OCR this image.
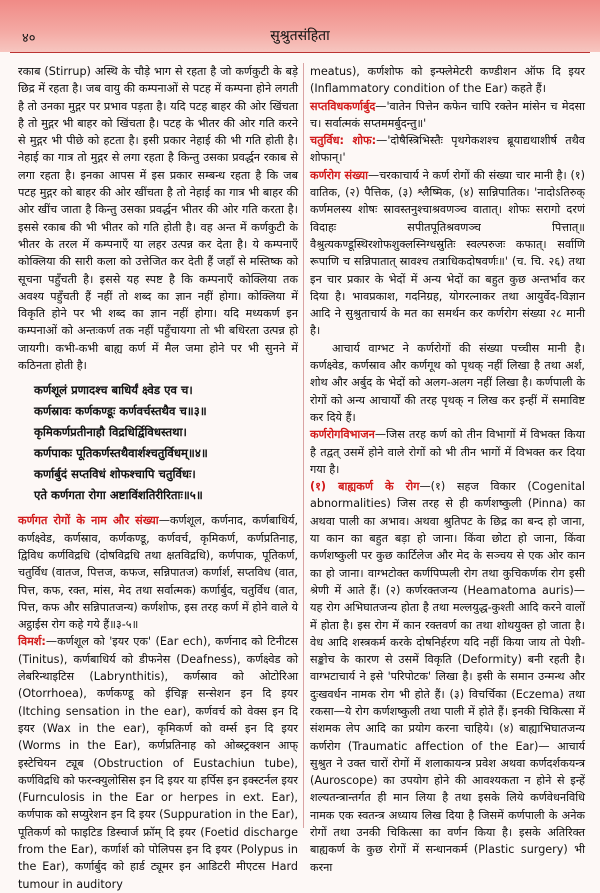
४०	सुश्रुतसंहिता

रकाब (Stirrup) अस्थि के चौड़े भाग से रहता है जो कर्णकुटी के बड़े छिद्र में रहता है। जब वायु की कम्पनाओं से पटह में कम्पना होने लगती है तो उनका मुद्गर पर प्रभाव पड़ता है। यदि पटह बाहर की ओर खिंचता है तो मुद्गर भी बाहर को खिंचता है। पटह के भीतर की ओर गति करने से मुद्गर भी पीछे को हटता है। इसी प्रकार नेहाई की भी गति होती है। नेहाई का गात्र तो मुद्गर से लगा रहता है किन्तु उसका प्रवर्द्धन रकाब से लगा रहता है। इनका आपस में इस प्रकार सम्बन्ध रहता है कि जब पटह मुद्गर को बाहर की ओर खींचता है तो नेहाई का गात्र भी बाहर की ओर खींच जाता है किन्तु उसका प्रवर्द्धन भीतर की ओर गति करता है। इससे रकाब की भी भीतर को गति होती है। वह अन्त में कर्णकुटी के भीतर के तरल में कम्पनाएँ या लहर उत्पन्न कर देता है। ये कम्पनाएँ कोक्लिया की सारी कला को उत्तेजित कर देती हैं जहाँ से मस्तिष्क को सूचना पहुँचती है। इससे यह स्पष्ट है कि कम्पनाएँ कोक्लिया तक अवश्य पहुँचती हैं नहीं तो शब्द का ज्ञान नहीं होगा। कोक्लिया में विकृति होने पर भी शब्द का ज्ञान नहीं होगा। यदि मध्यकर्ण इन कम्पनाओं को अन्तःकर्ण तक नहीं पहुँचायगा तो भी बधिरता उत्पन्न हो जायगी। कभी-कभी बाह्य कर्ण में मैल जमा होने पर भी सुनने में कठिनता होती है।

कर्णशूलं प्रणादश्च बाधिर्यं क्ष्वेड एव च।
कर्णस्रावः कर्णकण्डूः कर्णवर्चस्तथैव च॥३॥
कृमिकर्णप्रतीनाहौ विद्रधिर्द्विविधस्तथा।
कर्णपाकः पूतिकर्णस्तथैवार्शश्चतुर्विधम्॥४॥
कर्णार्बुदं सप्तविधं शोफश्चापि चतुर्विधः।
एते कर्णगता रोगा अष्टाविंशतिरीरिताः॥५॥

कर्णगत रोगों के नाम और संख्या—कर्णशूल, कर्णनाद, कर्णबाधिर्य, कर्णक्ष्वेड, कर्णस्राव, कर्णकण्डू, कर्णवर्च, कृमिकर्ण, कर्णप्रतिनाह, द्विविध कर्णविद्रधि (दोषविद्रधि तथा क्षतविद्रधि), कर्णपाक, पूतिकर्ण, चतुर्विध (वातज, पित्तज, कफज, सन्निपातज) कर्णार्श, सप्तविध (वात, पित्त, कफ, रक्त, मांस, मेद तथा सर्वात्मक) कर्णार्बुद, चतुर्विध (वात, पित्त, कफ और सन्निपातजन्य) कर्णशोफ, इस तरह कर्ण में होने वाले ये अट्ठाईस रोग कहे गये हैं॥३-५॥

विमर्श:—कर्णशूल को 'इयर एक' (Ear ech), कर्णनाद को टिनीटस (Tinitus), कर्णबाधिर्य को डीफनेस (Deafness), कर्णक्ष्वेड को लेबरिन्थाइटिस (Labrynthitis), कर्णस्राव को ओटोरिआ (Otorrhoea), कर्णकण्डू को ईचिङ्ग सन्सेशन इन दि इयर (Itching sensation in the ear), कर्णवर्च को वेक्स इन दि इयर (Wax in the ear), कृमिकर्ण को वर्म्स इन दि इयर (Worms in the Ear), कर्णप्रतिनाह को ओब्स्ट्रक्शन आफ् इस्टेचियन ट्यूब (Obstruction of Eustachiun tube), कर्णविद्रधि को फरन्क्युलोसिस इन दि इयर या हर्पिस इन इक्स्टर्नल इयर (Furnculosis in the Ear or herpes in ext. Ear), कर्णपाक को सप्युरेशन इन दि इयर (Suppuration in the Ear), पूतिकर्ण को फाइटिड डिस्चार्ज फ्रॉम् दि इयर (Foetid discharge from the Ear), कर्णार्श को पोलिपस इन दि इयर (Polypus in the Ear), कर्णार्बुद को हार्ड ट्यूमर इन आडिटरी मीएटस Hard tumour in auditory

meatus), कर्णशोफ को इन्फ्लेमेटरी कण्डीशन ऑफ दि इयर (Inflammatory condition of the Ear) कहते हैं।

सप्तविधकर्णार्बुद—'वातेन पित्तेन कफेन चापि रक्तेन मांसेन च मेदसा च। सर्वात्मकं सप्तममर्बुदन्तु॥'

चतुर्विध: शोफ:—'दोषैस्त्रिभिस्तैः पृथगेकशश्च ब्रूयाद्यथाशीर्ष तथैव शोफान्।'

कर्णरोग संख्या—चरकाचार्य ने कर्ण रोगों की संख्या चार मानी है। (१) वातिक, (२) पैत्तिक, (३) श्लैष्मिक, (४) सान्निपातिक। 'नादोऽतिरुक् कर्णमलस्य शोषः स्रावस्तनुश्चाश्रवणञ्च वातात्। शोफः सरागो दरणं विदाहः सपीतपूतिश्रवणञ्च पित्तात्॥ वैश्रुत्यकण्डूस्थिरशोफशुक्लस्निग्धस्रुतिः स्वल्परुजः कफात्। सर्वाणि रूपाणि च सन्निपातात् स्रावश्च तत्राधिकदोषवर्णः॥' (च. चि. २६) तथा इन चार प्रकार के भेदों में अन्य भेदों का बहुत कुछ अन्तर्भाव कर दिया है। भावप्रकाश, गदनिग्रह, योगरत्नाकर तथा आयुर्वेद-विज्ञान आदि ने सुश्रुताचार्य के मत का समर्थन कर कर्णरोग संख्या २८ मानी है।

आचार्य वाग्भट ने कर्णरोगों की संख्या पच्चीस मानी है। कर्णक्ष्वेड, कर्णस्राव और कर्णगूथ को पृथक् नहीं लिखा है तथा अर्श, शोथ और अर्बुद के भेदों को अलग-अलग नहीं लिखा है। कर्णपाली के रोगों को अन्य आचार्यों की तरह पृथक् न लिख कर इन्हीं में समाविष्ट कर दिये हैं।

कर्णरोगविभाजन—जिस तरह कर्ण को तीन विभागों में विभक्त किया है तद्वत् उसमें होने वाले रोगों को भी तीन भागों में विभक्त कर दिया गया है।

(१) बाह्यकर्ण के रोग—(१) सहज विकार (Cogenital abnormalities) जिस तरह से ही कर्णशष्कुली (Pinna) का अथवा पाली का अभाव। अथवा श्रुतिपट के छिद्र का बन्द हो जाना, या कान का बहुत बड़ा हो जाना। किंवा छोटा हो जाना, किंवा कर्णशष्कुली पर कुछ कार्टिलेज और मेद के सञ्चय से एक ओर कान का हो जाना। वाग्भटोक्त कर्णपिप्पली रोग तथा कुचिकर्णक रोग इसी श्रेणी में आते हैं। (२) कर्णरक्तजन्य (Heamatoma auris)— यह रोग अभिघातजन्य होता है तथा मल्लयुद्ध-कुश्ती आदि करने वालों में होता है। इस रोग में कान रक्तवर्ण का तथा शोथयुक्त हो जाता है। वेध आदि शस्त्रकर्म करके दोषनिर्हरण यदि नहीं किया जाय तो पेशी-सङ्कोच के कारण से उसमें विकृति (Deformity) बनी रहती है। वाग्भटाचार्य ने इसे 'परिपोटक' लिखा है। इसी के समान उन्मन्थ और दुःखवर्धन नामक रोग भी होते हैं। (३) विचर्चिका (Eczema) तथा रकसा—ये रोग कर्णशष्कुली तथा पाली में होते हैं। इनकी चिकित्सा में संशमक लेप आदि का प्रयोग करना चाहिये। (४) बाह्याभिघातजन्य कर्णरोग (Traumatic affection of the Ear)— आचार्य सुश्रुत ने उक्त चारों रोगों में शलाकायन्त्र प्रवेश अथवा कर्णदर्शकयन्त्र (Auroscope) का उपयोग होने की आवश्यकता न होने से इन्हें शल्यतन्त्रान्तर्गत ही मान लिया है तथा इसके लिये कर्णवेधनविधि नामक एक स्वतन्त्र अध्याय लिख दिया है जिसमें कर्णपाली के अनेक रोगों तथा उनकी चिकित्सा का वर्णन किया है। इसके अतिरिक्त बाह्यकर्ण के कुछ रोगों में सन्धानकर्म (Plastic surgery) भी करना
